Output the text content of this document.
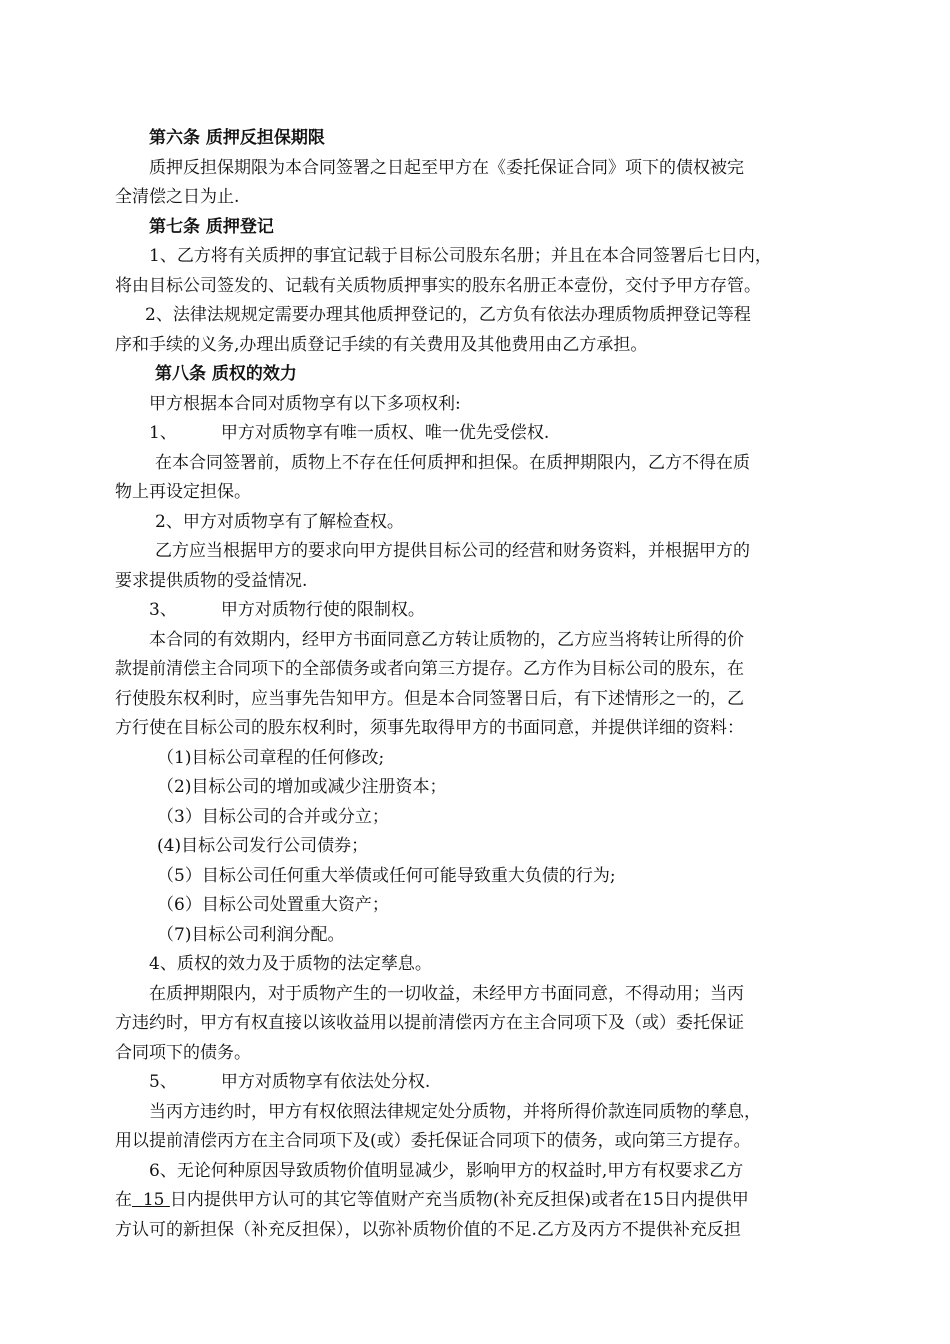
第六条 质押反担保期限
质押反担保期限为本合同签署之日起至甲方在《委托保证合同》项下的债权被完
全清偿之日为止.
第七条 质押登记
1、乙方将有关质押的事宜记载于目标公司股东名册；并且在本合同签署后七日内，
将由目标公司签发的、记载有关质物质押事实的股东名册正本壹份，交付予甲方存管。
2、法律法规规定需要办理其他质押登记的，乙方负有依法办理质物质押登记等程
序和手续的义务,办理出质登记手续的有关费用及其他费用由乙方承担。
第八条 质权的效力
甲方根据本合同对质物享有以下多项权利:
1、	甲方对质物享有唯一质权、唯一优先受偿权.
在本合同签署前，质物上不存在任何质押和担保。在质押期限内，乙方不得在质
物上再设定担保。
2、甲方对质物享有了解检查权。
乙方应当根据甲方的要求向甲方提供目标公司的经营和财务资料，并根据甲方的
要求提供质物的受益情况.
3、	甲方对质物行使的限制权。
本合同的有效期内，经甲方书面同意乙方转让质物的，乙方应当将转让所得的价
款提前清偿主合同项下的全部债务或者向第三方提存。乙方作为目标公司的股东，在
行使股东权利时，应当事先告知甲方。但是本合同签署日后，有下述情形之一的，乙
方行使在目标公司的股东权利时，须事先取得甲方的书面同意，并提供详细的资料：
（1)目标公司章程的任何修改;
（2)目标公司的增加或减少注册资本；
（3）目标公司的合并或分立；
(4)目标公司发行公司债券；
（5）目标公司任何重大举债或任何可能导致重大负债的行为;
（6）目标公司处置重大资产；
（7)目标公司利润分配。
4、质权的效力及于质物的法定孳息。
在质押期限内，对于质物产生的一切收益，未经甲方书面同意，不得动用；当丙
方违约时，甲方有权直接以该收益用以提前清偿丙方在主合同项下及（或）委托保证
合同项下的债务。
5、	甲方对质物享有依法处分权.
当丙方违约时，甲方有权依照法律规定处分质物，并将所得价款连同质物的孳息，
用以提前清偿丙方在主合同项下及(或）委托保证合同项下的债务，或向第三方提存。
6、无论何种原因导致质物价值明显减少，影响甲方的权益时,甲方有权要求乙方
在 15 日内提供甲方认可的其它等值财产充当质物(补充反担保)或者在15日内提供甲
方认可的新担保（补充反担保），以弥补质物价值的不足.乙方及丙方不提供补充反担
